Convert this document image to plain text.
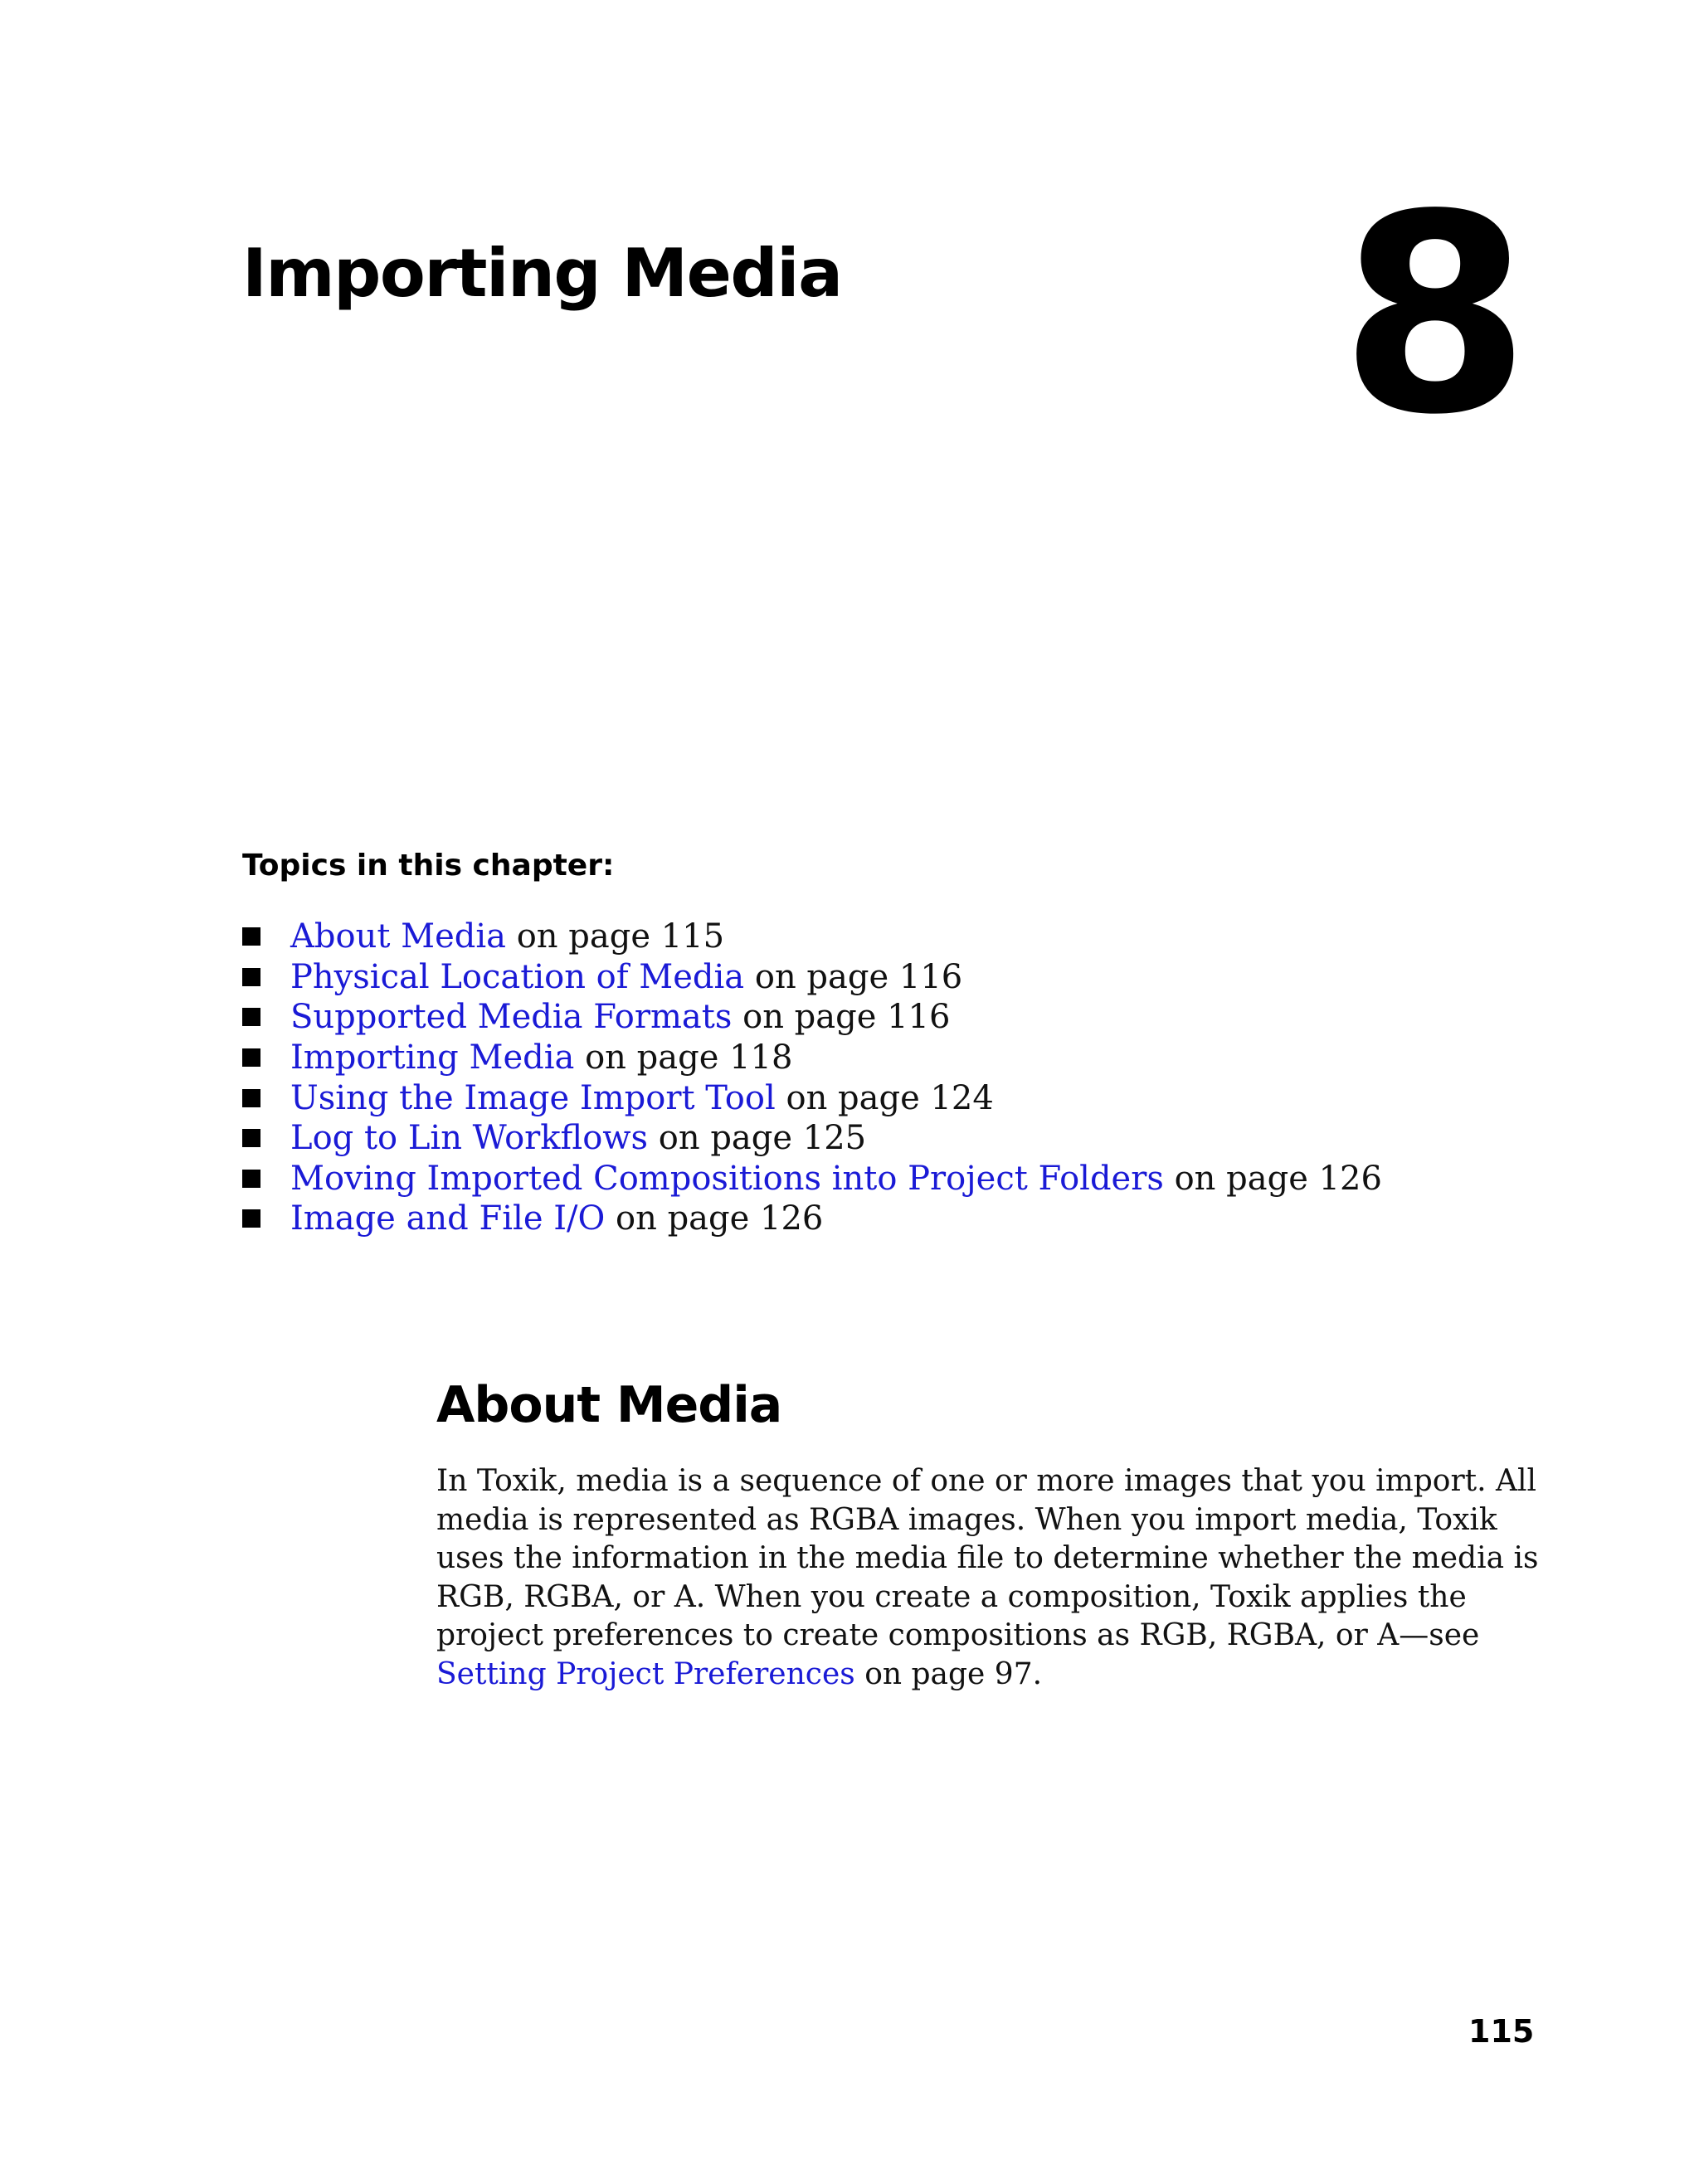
Importing Media 8
Topics in this chapter:
About Media on page 115
Physical Location of Media on page 116
Supported Media Formats on page 116
Importing Media on page 118
Using the Image Import Tool on page 124
Log to Lin Workflows on page 125
Moving Imported Compositions into Project Folders on page 126
Image and File I/O on page 126
About Media

In Toxik, media is a sequence of one or more images that you import. All media is represented as RGBA images. When you import media, Toxik uses the information in the media file to determine whether the media is RGB, RGBA, or A. When you create a composition, Toxik applies the project preferences to create compositions as RGB, RGBA, or A—see Setting Project Preferences on page 97.

115
